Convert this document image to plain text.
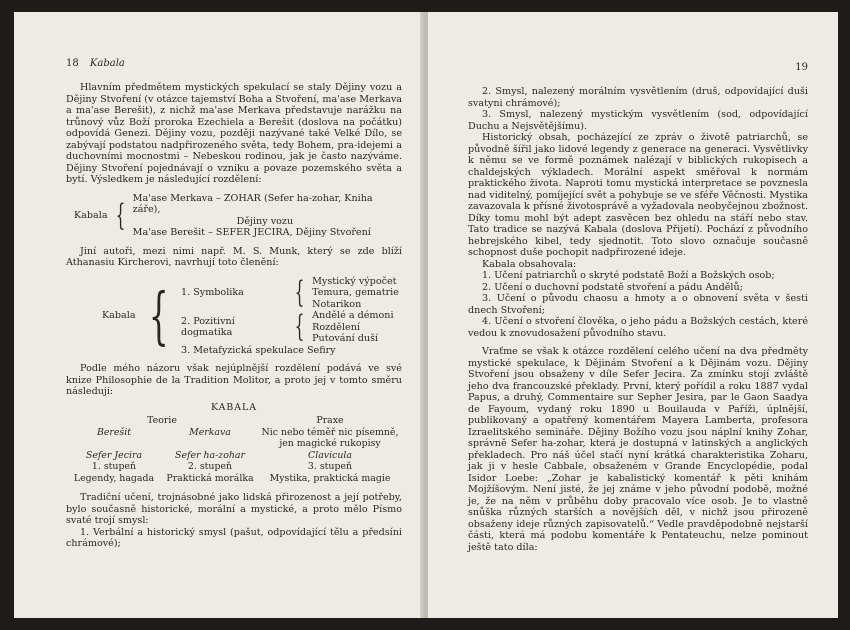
18 Kabala

Hlavním předmětem mystických spekulací se staly Dějiny vozu a Dějiny Stvoření (v otázce tajemství Boha a Stvoření, ma'ase Merkava a ma'ase Berešit), z nichž ma'ase Merkava představuje narážku na trůnový vůz Boží proroka Ezechiela a Berešit (doslova na počátku) odpovídá Genezi. Dějiny vozu, později nazývané také Velké Dílo, se zabývají podstatou nadpřirozeného světa, tedy Bohem, pra-idejemi a duchovními mocnostmi – Nebeskou rodinou, jak je často nazýváme. Dějiny Stvoření pojednávají o vzniku a povaze pozemského světa a bytí. Výsledkem je následující rozdělení:

Kabala { Ma'ase Merkava – ZOHAR (Sefer ha-zohar, Kniha záře),
Dějiny vozu
Ma'ase Berešit – SEFER JECIRA, Dějiny Stvoření

Jiní autoři, mezi nimi např. M. S. Munk, který se zde blíží Athanasiu Kircherovi, navrhují toto členění:

Kabala { 1. Symbolika	{ Mystický výpočet
Temura, gematrie
Notarikon
2. Pozitivní dogmatika	{ Andělé a démoni
Rozdělení
Putování duší
3. Metafyzická spekulace Sefiry

Podle mého názoru však nejúplnější rozdělení podává ve své knize Philosophie de la Tradition Molitor, a proto jej v tomto směru následuji:

KABALA
Teorie	Praxe
Berešit	Merkava	Nic nebo téměř nic písemně, jen magické rukopisy
Sefer Jecira	Sefer ha-zohar	Clavicula
1. stupeň	2. stupeň	3. stupeň
Legendy, hagada	Praktická morálka	Mystika, praktická magie

Tradiční učení, trojnásobné jako lidská přirozenost a její potřeby, bylo současně historické, morální a mystické, a proto mělo Písmo svaté trojí smysl:

1. Verbální a historický smysl (pašut, odpovídající tělu a předsíni chrámové);

19

2. Smysl, nalezený morálním vysvětlením (druš, odpovídající duši svatyni chrámové);

3. Smysl, nalezený mystickým vysvětlením (sod, odpovídající Duchu a Nejsvětějšímu).

Historický obsah, pocházející ze zpráv o životě patriarchů, se původně šířil jako lidové legendy z generace na generaci. Vysvětlivky k němu se ve formě poznámek nalézají v biblických rukopisech a chaldejských výkladech. Morální aspekt směřoval k normám praktického života. Naproti tomu mystická interpretace se povznesla nad viditelný, pomíjející svět a pohybuje se ve sféře Věčnosti. Mystika zavazovala k přísné životosprávě a vyžadovala neobyčejnou zbožnost. Díky tomu mohl být adept zasvěcen bez ohledu na stáří nebo stav. Tato tradice se nazývá Kabala (doslova Přijetí). Pochází z původního hebrejského kibel, tedy sjednotit. Toto slovo označuje současně schopnost duše pochopit nadpřirozené ideje.

Kabala obsahovala:

1. Učení patriarchů o skryté podstatě Boží a Božských osob;

2. Učení o duchovní podstatě stvoření a pádu Andělů;

3. Učení o původu chaosu a hmoty a o obnovení světa v šesti dnech Stvoření;

4. Učení o stvoření člověka, o jeho pádu a Božských cestách, které vedou k znovudosažení původního stavu.

Vraťme se však k otázce rozdělení celého učení na dva předměty mystické spekulace, k Dějinám Stvoření a k Dějinám vozu. Dějiny Stvoření jsou obsaženy v díle Sefer Jecira. Za zmínku stojí zvláště jeho dva francouzské překlady. První, který pořídil a roku 1887 vydal Papus, a druhý, Commentaire sur Sepher Jesira, par le Gaon Saadya de Fayoum, vydaný roku 1890 u Bouilauda v Paříži, úplnější, publikovaný a opatřený komentářem Mayera Lamberta, profesora Izraelitského semináře. Dějiny Božího vozu jsou náplní knihy Zohar, správně Sefer ha-zohar, která je dostupná v latinských a anglických překladech. Pro náš účel stačí nyní krátká charakteristika Zoharu, jak ji v hesle Cabbale, obsaženém v Grande Encyclopédie, podal Isidor Loebe: „Zohar je kabalistický komentář k pěti knihám Mojžíšovým. Není jisté, že jej známe v jeho původní podobě, možné je, že na něm v průběhu doby pracovalo více osob. Je to vlastně snůška různých starších a novějších děl, v nichž jsou přirozeně obsaženy ideje různých zapisovatelů.“ Vedle pravděpodobně nejstarší části, která má podobu komentáře k Pentateuchu, nelze pominout ještě tato díla:
